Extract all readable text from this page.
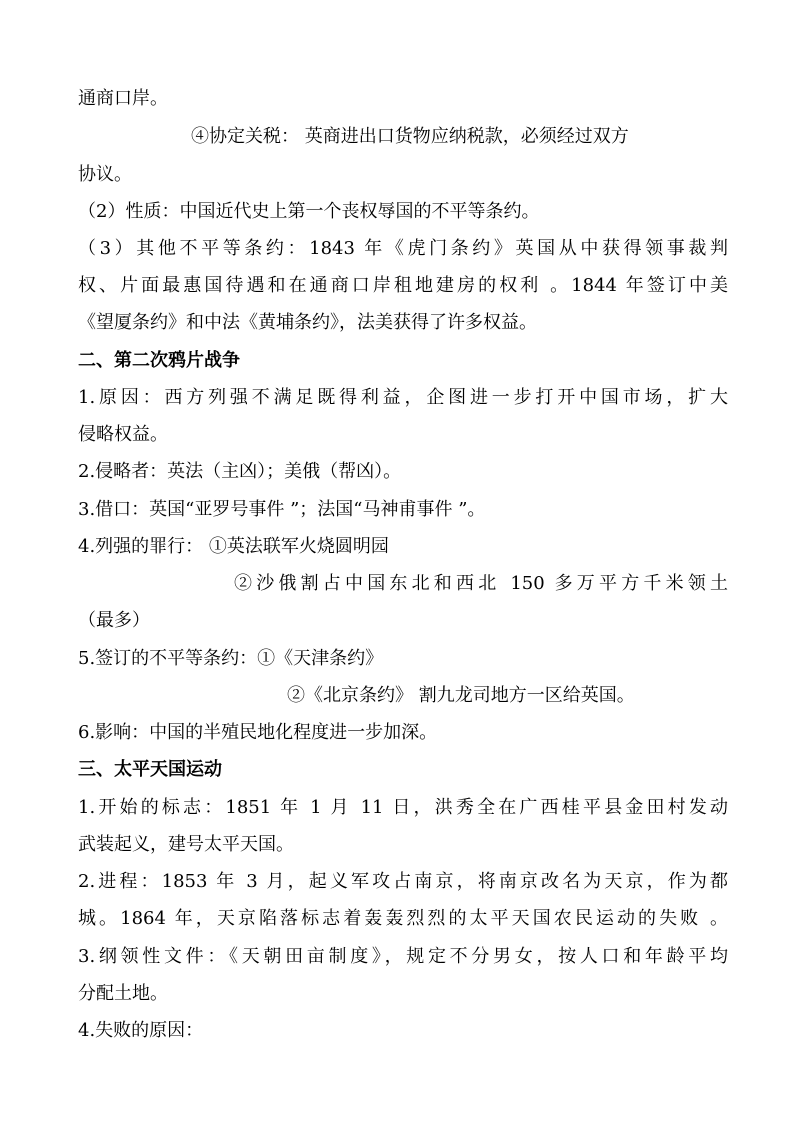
通商口岸。
④协定关税： 英商进出口货物应纳税款，必须经过双方
协议。
（2）性质：中国近代史上第一个丧权辱国的不平等条约。
（3）其他不平等条约：1843 年《虎门条约》英国从中获得领事裁判
权、片面最惠国待遇和在通商口岸租地建房的权利 。1844 年签订中美
《望厦条约》和中法《黄埔条约》，法美获得了许多权益。
二、第二次鸦片战争
1.原因：西方列强不满足既得利益，企图进一步打开中国市场，扩大
侵略权益。
2.侵略者：英法（主凶）；美俄（帮凶）。
3.借口：英国“亚罗号事件 ”；法国“马神甫事件 ”。
4.列强的罪行： ①英法联军火烧圆明园
②沙俄割占中国东北和西北 150 多万平方千米领土
（最多）
5.签订的不平等条约：①《天津条约》
②《北京条约》 割九龙司地方一区给英国。
6.影响：中国的半殖民地化程度进一步加深。
三、太平天国运动
1.开始的标志：1851 年 1 月 11 日，洪秀全在广西桂平县金田村发动
武装起义，建号太平天国。
2.进程：1853 年 3 月，起义军攻占南京，将南京改名为天京，作为都
城。1864 年，天京陷落标志着轰轰烈烈的太平天国农民运动的失败 。
3.纲领性文件：《天朝田亩制度》，规定不分男女，按人口和年龄平均
分配土地。
4.失败的原因：
